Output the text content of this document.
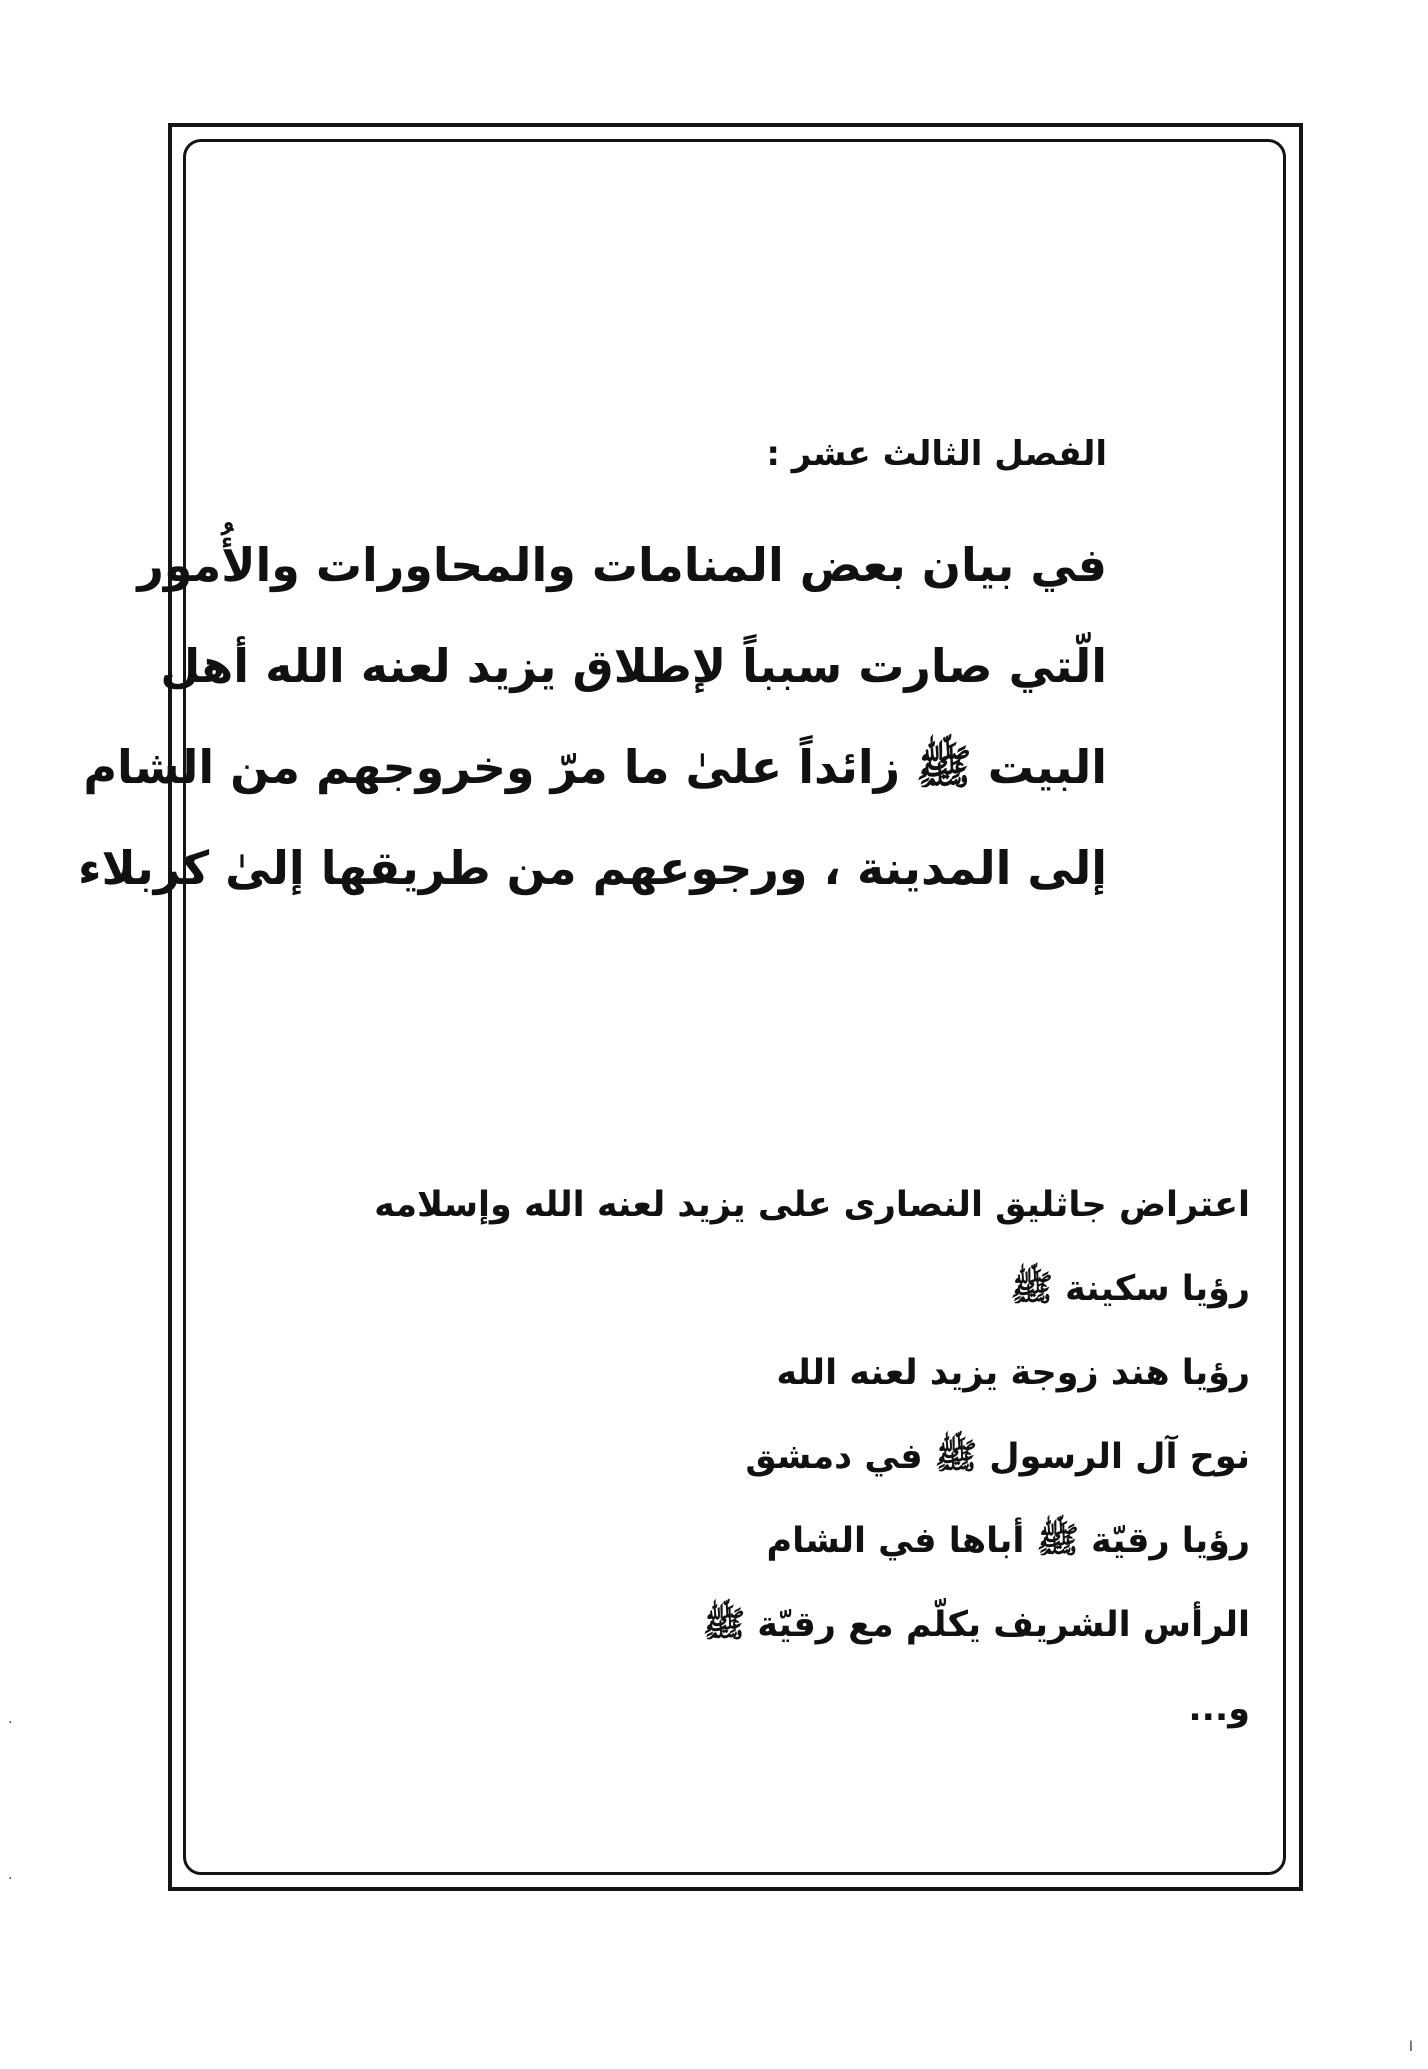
الفصل الثالث عشر :
في بيان بعض المنامات والمحاورات والأُمور
الّتي صارت سبباً لإطلاق يزيد لعنه الله أهل
البيت ﷺ زائداً علىٰ ما مرّ وخروجهم من الشام
إلى المدينة ، ورجوعهم من طريقها إلىٰ كربلاء
اعتراض جاثليق النصارى على يزيد لعنه الله وإسلامه
رؤيا سكينة ﷺ
رؤيا هند زوجة يزيد لعنه الله
نوح آل الرسول ﷺ في دمشق
رؤيا رقيّة ﷺ أباها في الشام
الرأس الشريف يكلّم مع رقيّة ﷺ
و...
·
·
ا
